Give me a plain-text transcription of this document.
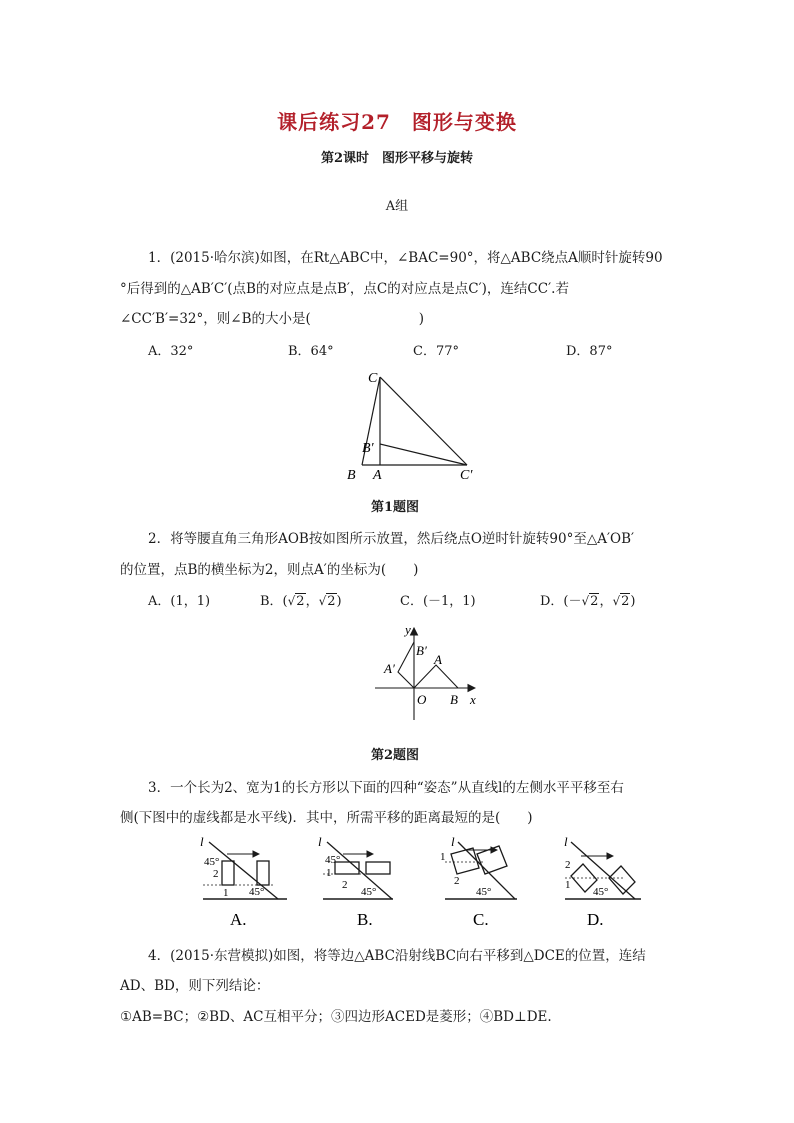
课后练习27　图形与变换
第2课时　图形平移与旋转
A组
1．(2015·哈尔滨)如图，在Rt△ABC中，∠BAC=90°，将△ABC绕点A顺时针旋转90
°后得到的△AB′C′(点B的对应点是点B′，点C的对应点是点C′)，连结CC′.若
∠CC′B′=32°，则∠B的大小是(　　　　　　　　)
A．32°	B．64°	C．77°	D．87°
C
B′
B A	C′
第1题图
2．将等腰直角三角形AOB按如图所示放置，然后绕点O逆时针旋转90°至△A′OB′
的位置，点B的横坐标为2，则点A′的坐标为(　　)
A．(1，1)	B．(√2，√2)	C．(－1，1)	D．(－√2，√2)
y
B′
A′
A
O B x
第2题图
3．一个长为2、宽为1的长方形以下面的四种“姿态”从直线l的左侧水平平移至右
侧(下图中的虚线都是水平线)．其中，所需平移的距离最短的是(　　)
l
45°
2
1 45°
A.
l
45°
1
2
45°
B.
l
1
2
45°
C.
l
2
1
45°
D.
4．(2015·东营模拟)如图，将等边△ABC沿射线BC向右平移到△DCE的位置，连结
AD、BD，则下列结论：
①AB=BC；②BD、AC互相平分；③四边形ACED是菱形；④BD⊥DE.
